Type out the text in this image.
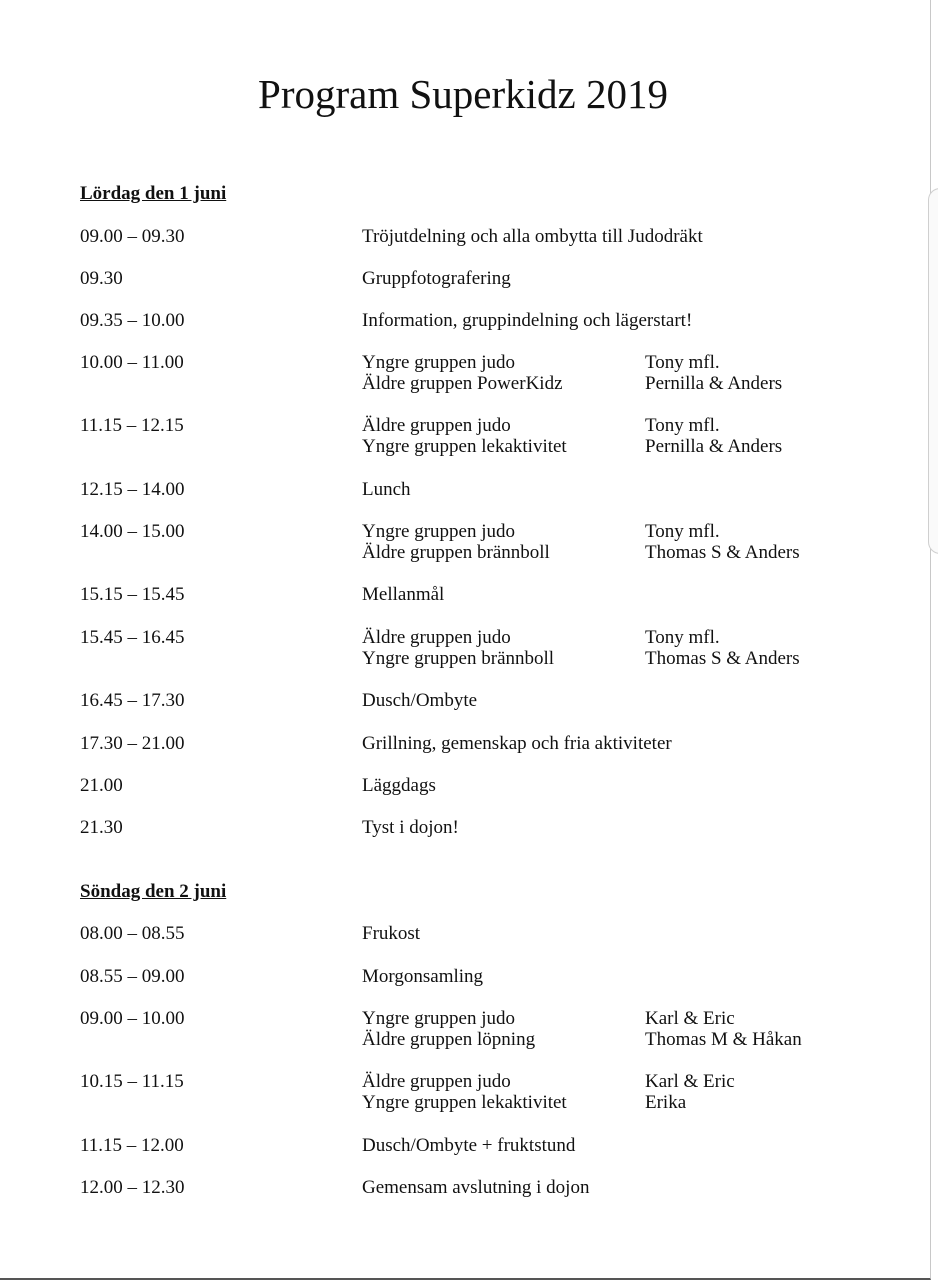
Program Superkidz 2019
Lördag den 1 juni
09.00 – 09.30	Tröjutdelning och alla ombytta till Judodräkt
09.30	Gruppfotografering
09.35 – 10.00	Information, gruppindelning och lägerstart!
10.00 – 11.00	Yngre gruppen judo	Tony mfl.
Äldre gruppen PowerKidz	Pernilla & Anders
11.15 – 12.15	Äldre gruppen judo	Tony mfl.
Yngre gruppen lekaktivitet	Pernilla & Anders
12.15 – 14.00	Lunch
14.00 – 15.00	Yngre gruppen judo	Tony mfl.
Äldre gruppen brännboll	Thomas S & Anders
15.15 – 15.45	Mellanmål
15.45 – 16.45	Äldre gruppen judo	Tony mfl.
Yngre gruppen brännboll	Thomas S & Anders
16.45 – 17.30	Dusch/Ombyte
17.30 – 21.00	Grillning, gemenskap och fria aktiviteter
21.00	Läggdags
21.30	Tyst i dojon!
Söndag den 2 juni
08.00 – 08.55	Frukost
08.55 – 09.00	Morgonsamling
09.00 – 10.00	Yngre gruppen judo	Karl & Eric
Äldre gruppen löpning	Thomas M & Håkan
10.15 – 11.15	Äldre gruppen judo	Karl & Eric
Yngre gruppen lekaktivitet	Erika
11.15 – 12.00	Dusch/Ombyte + fruktstund
12.00 – 12.30	Gemensam avslutning i dojon
